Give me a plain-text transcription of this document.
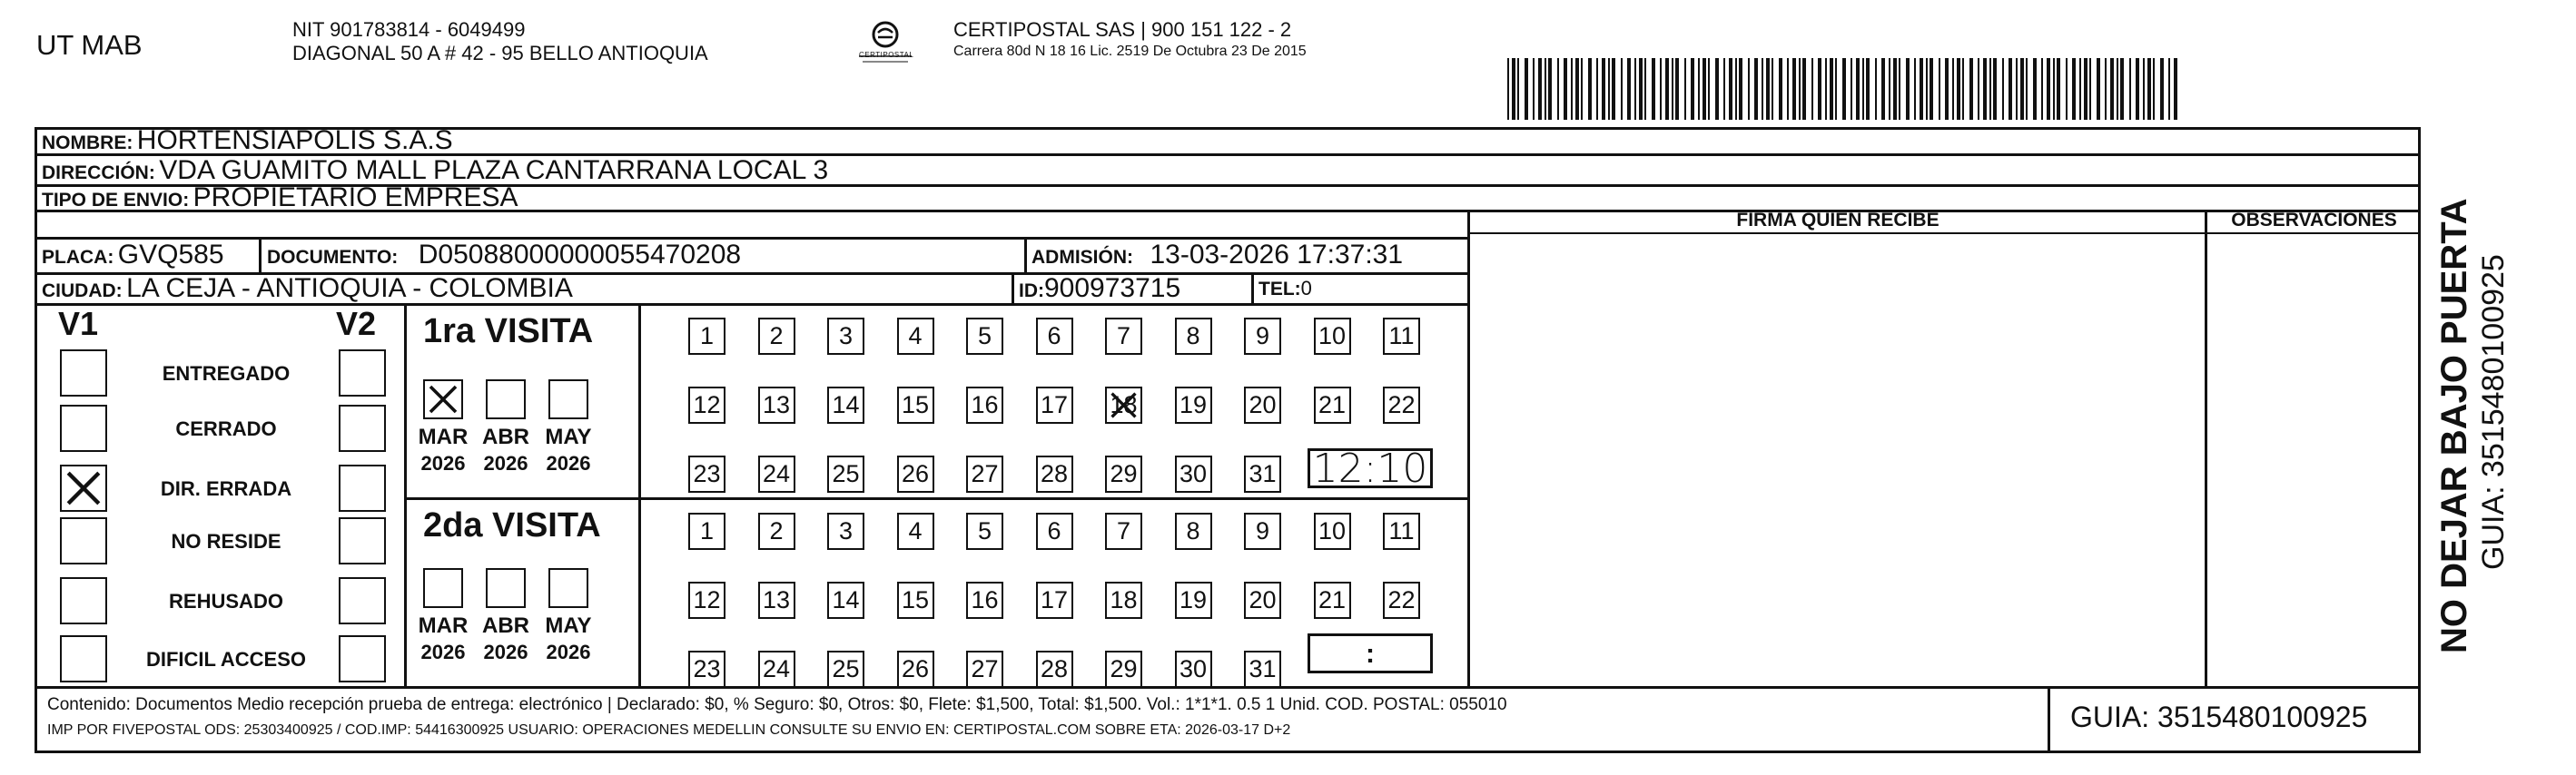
UT MAB	NIT 901783814 - 6049499
DIAGONAL 50 A # 42 - 95 BELLO ANTIOQUIA	CERTIPOSTAL
CERTIPOSTAL SAS | 900 151 122 - 2
Carrera 80d N 18 16 Lic. 2519 De Octubra 23 De 2015
NOMBRE: HORTENSIAPOLIS S.A.S
DIRECCIÓN: VDA GUAMITO MALL PLAZA CANTARRANA LOCAL 3
TIPO DE ENVIO: PROPIETARIO EMPRESA
FIRMA QUIEN RECIBE	OBSERVACIONES
PLACA: GVQ585 DOCUMENTO: D05088000000055470208	ADMISIÓN: 13-03-2026 17:37:31
CIUDAD: LA CEJA - ANTIOQUIA - COLOMBIA	ID:900973715	TEL:0
V1	V2
ENTREGADO
CERRADO
DIR. ERRADA
NO RESIDE
REHUSADO
DIFICIL ACCESO
1ra VISITA
MAR
2026
ABR
2026
MAY
2026
1	2	3	4	5	6	7	8	9	10 11
12 13 14 15 16 17 18 19 20 21 22
23 24 25 26 27 28 29 30 31 12:10
2da VISITA
MAR
2026
ABR
2026
MAY
2026
1	2	3	4	5	6	7	8	9	10 11
12 13 14 15 16 17 18 19 20 21 22
23 24 25 26 27 28 29 30 31	:
Contenido: Documentos Medio recepción prueba de entrega: electrónico | Declarado: $0, % Seguro: $0, Otros: $0, Flete: $1,500, Total: $1,500. Vol.: 1*1*1. 0.5 1 Unid. COD. POSTAL: 055010
IMP POR FIVEPOSTAL ODS: 25303400925 / COD.IMP: 54416300925 USUARIO: OPERACIONES MEDELLIN CONSULTE SU ENVIO EN: CERTIPOSTAL.COM SOBRE ETA: 2026-03-17 D+2	GUIA: 3515480100925
NO DEJAR BAJO PUERTA GUIA: 3515480100925
